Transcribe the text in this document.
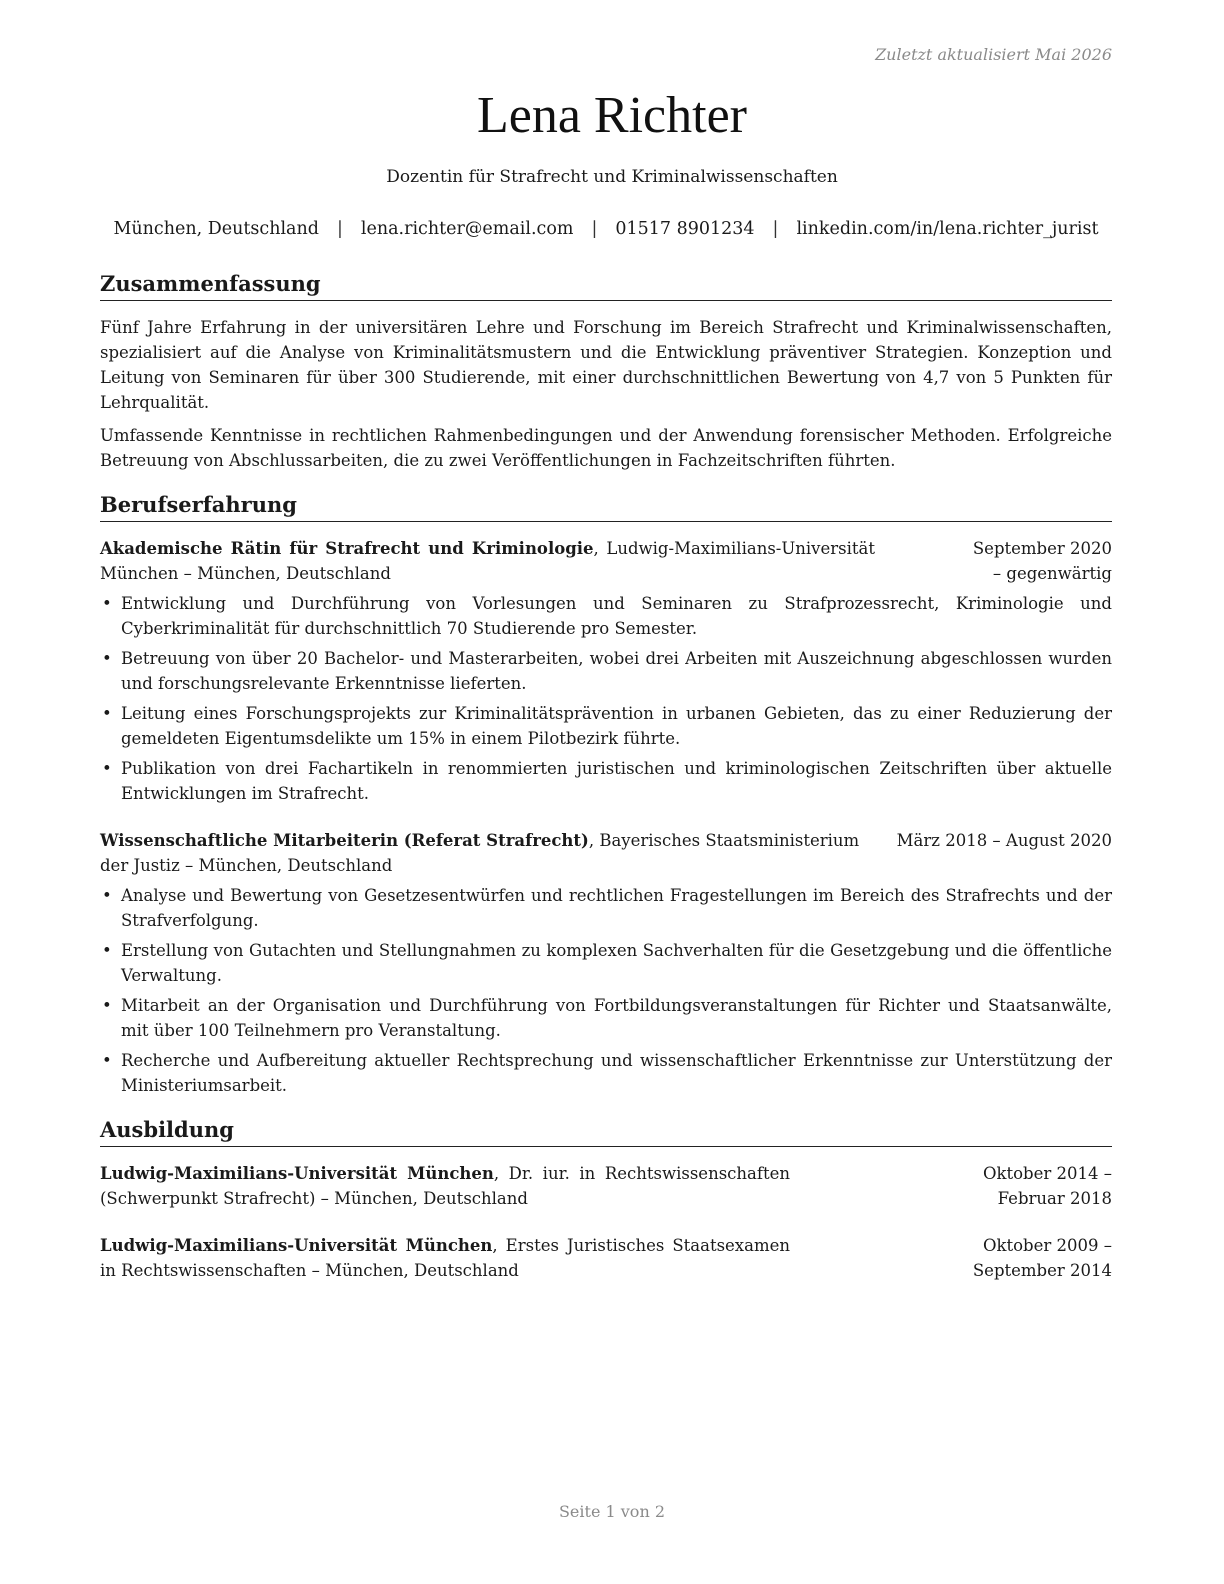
Zuletzt aktualisiert Mai 2026
Lena Richter
Dozentin für Strafrecht und Kriminalwissenschaften
München, Deutschland | lena.richter@email.com | 01517 8901234 | linkedin.com/in/lena.richter_jurist
Zusammenfassung

Fünf Jahre Erfahrung in der universitären Lehre und Forschung im Bereich Strafrecht und Kriminalwissenschaften, spezialisiert auf die Analyse von Kriminalitätsmustern und die Entwicklung präventiver Strategien. Konzeption und Leitung von Seminaren für über 300 Studierende, mit einer durchschnittlichen Bewertung von 4,7 von 5 Punkten für Lehrqualität.

Umfassende Kenntnisse in rechtlichen Rahmenbedingungen und der Anwendung forensischer Methoden. Erfolgreiche Betreuung von Abschlussarbeiten, die zu zwei Veröffentlichungen in Fachzeitschriften führten.

Berufserfahrung
Akademische Rätin für Strafrecht und Kriminologie, Ludwig-Maximilians-Universität München – München, Deutschland
September 2020 – gegenwärtig
• Entwicklung und Durchführung von Vorlesungen und Seminaren zu Strafprozessrecht, Kriminologie und Cyberkriminalität für durchschnittlich 70 Studierende pro Semester.
• Betreuung von über 20 Bachelor- und Masterarbeiten, wobei drei Arbeiten mit Auszeichnung abgeschlossen wurden und forschungsrelevante Erkenntnisse lieferten.
• Leitung eines Forschungsprojekts zur Kriminalitätsprävention in urbanen Gebieten, das zu einer Reduzierung der gemeldeten Eigentumsdelikte um 15% in einem Pilotbezirk führte.
• Publikation von drei Fachartikeln in renommierten juristischen und kriminologischen Zeitschriften über aktuelle Entwicklungen im Strafrecht.
Wissenschaftliche Mitarbeiterin (Referat Strafrecht), Bayerisches Staatsministerium der Justiz – München, Deutschland
März 2018 – August 2020
• Analyse und Bewertung von Gesetzesentwürfen und rechtlichen Fragestellungen im Bereich des Strafrechts und der Strafverfolgung.
• Erstellung von Gutachten und Stellungnahmen zu komplexen Sachverhalten für die Gesetzgebung und die öffentliche Verwaltung.
• Mitarbeit an der Organisation und Durchführung von Fortbildungsveranstaltungen für Richter und Staatsanwälte, mit über 100 Teilnehmern pro Veranstaltung.
• Recherche und Aufbereitung aktueller Rechtsprechung und wissenschaftlicher Erkenntnisse zur Unterstützung der Ministeriumsarbeit.
Ausbildung
Ludwig-Maximilians-Universität München, Dr. iur. in Rechtswissenschaften (Schwerpunkt Strafrecht) – München, Deutschland
Oktober 2014 – Februar 2018
Ludwig-Maximilians-Universität München, Erstes Juristisches Staatsexamen in Rechtswissenschaften – München, Deutschland
Oktober 2009 – September 2014
Seite 1 von 2
